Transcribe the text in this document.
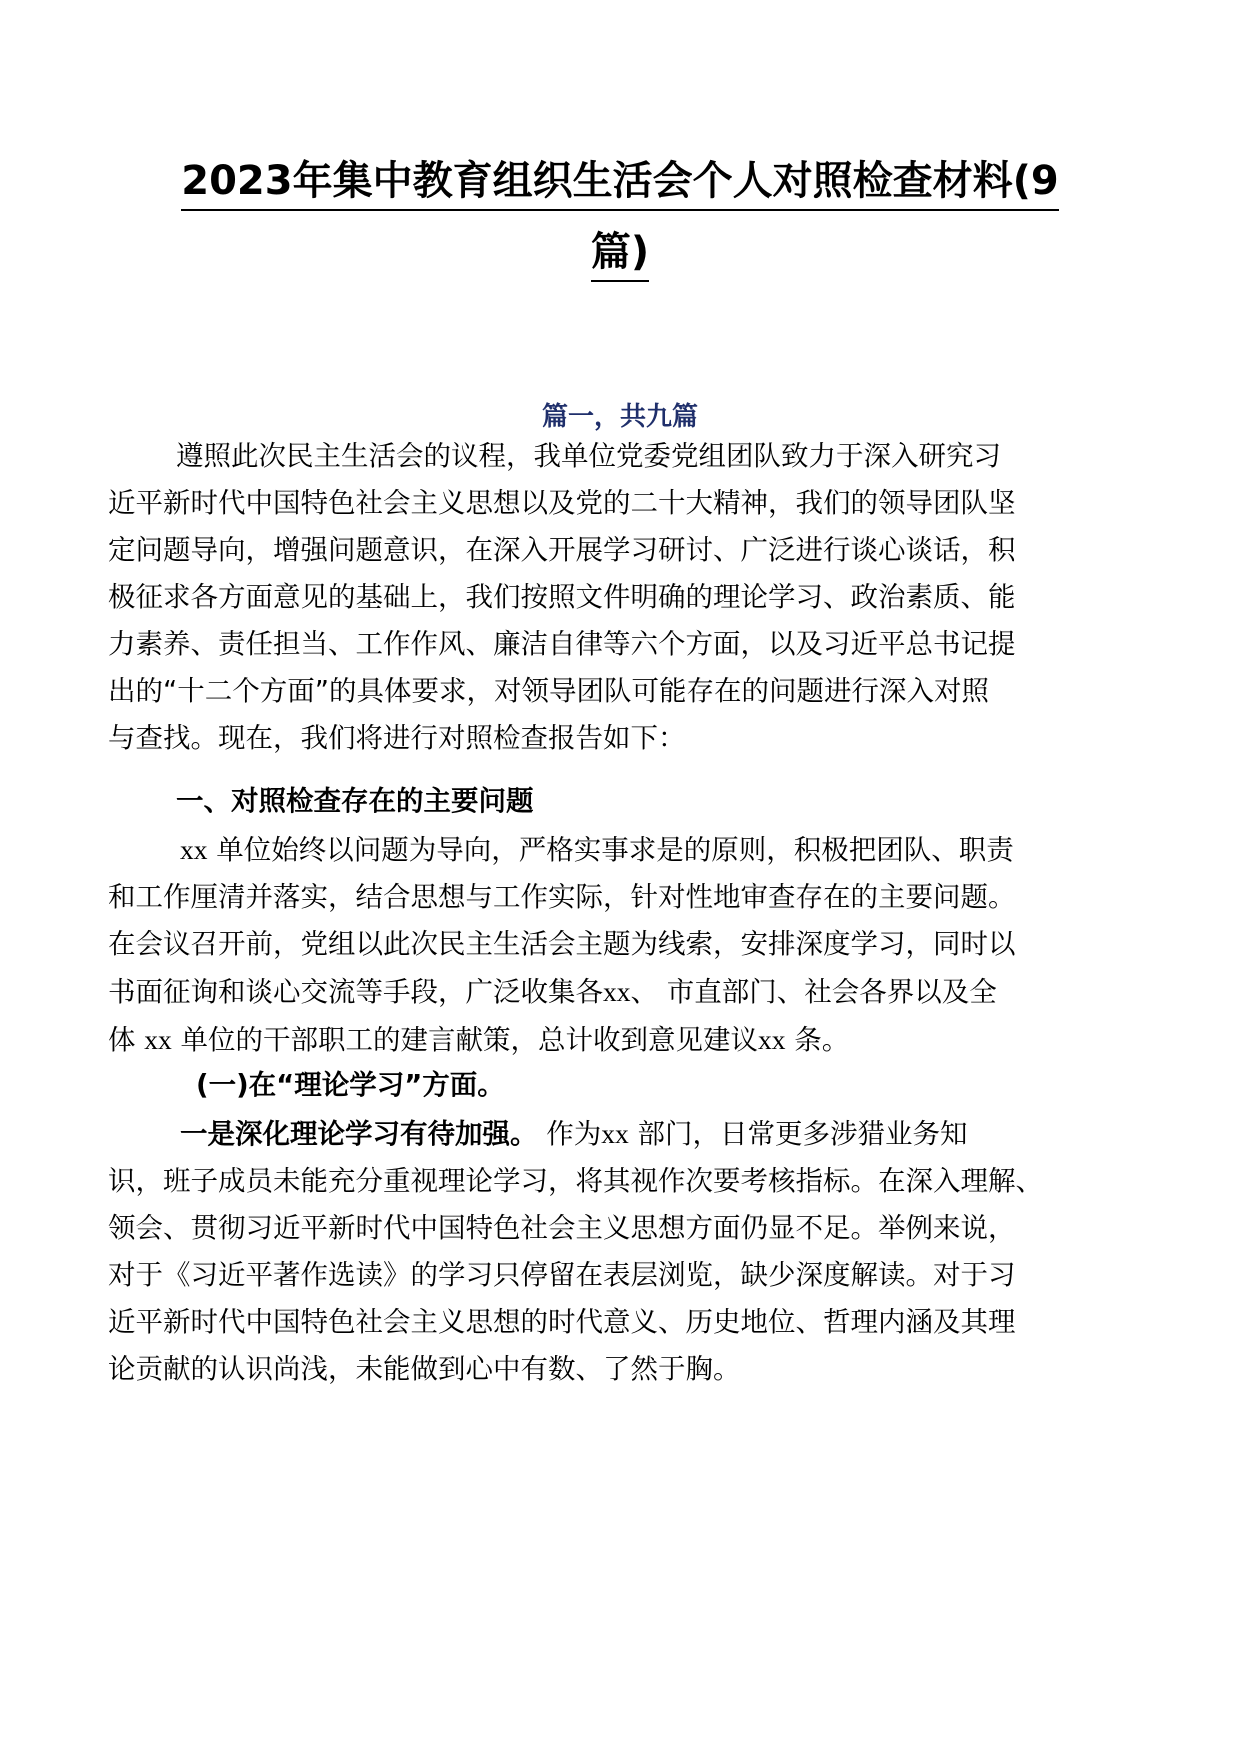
2023年集中教育组织生活会个人对照检查材料(9
篇)
篇一，共九篇

遵照此次民主生活会的议程，我单位党委党组团队致力于深入研究习

近平新时代中国特色社会主义思想以及党的二十大精神，我们的领导团队坚

定问题导向，增强问题意识，在深入开展学习研讨、广泛进行谈心谈话，积

极征求各方面意见的基础上，我们按照文件明确的理论学习、政治素质、能

力素养、责任担当、工作作风、廉洁自律等六个方面，以及习近平总书记提

出的“十二个方面”的具体要求，对领导团队可能存在的问题进行深入对照

与查找。现在，我们将进行对照检查报告如下：

一、对照检查存在的主要问题

xx 单位始终以问题为导向，严格实事求是的原则，积极把团队、职责

和工作厘清并落实，结合思想与工作实际，针对性地审查存在的主要问题。

在会议召开前，党组以此次民主生活会主题为线索，安排深度学习，同时以

书面征询和谈心交流等手段，广泛收集各xx、 市直部门、社会各界以及全

体 xx 单位的干部职工的建言献策，总计收到意见建议xx 条。

(一)在“理论学习”方面。

一是深化理论学习有待加强。 作为xx 部门，日常更多涉猎业务知

识，班子成员未能充分重视理论学习，将其视作次要考核指标。在深入理解、

领会、贯彻习近平新时代中国特色社会主义思想方面仍显不足。举例来说，

对于《习近平著作选读》的学习只停留在表层浏览，缺少深度解读。对于习

近平新时代中国特色社会主义思想的时代意义、历史地位、哲理内涵及其理

论贡献的认识尚浅，未能做到心中有数、了然于胸。
